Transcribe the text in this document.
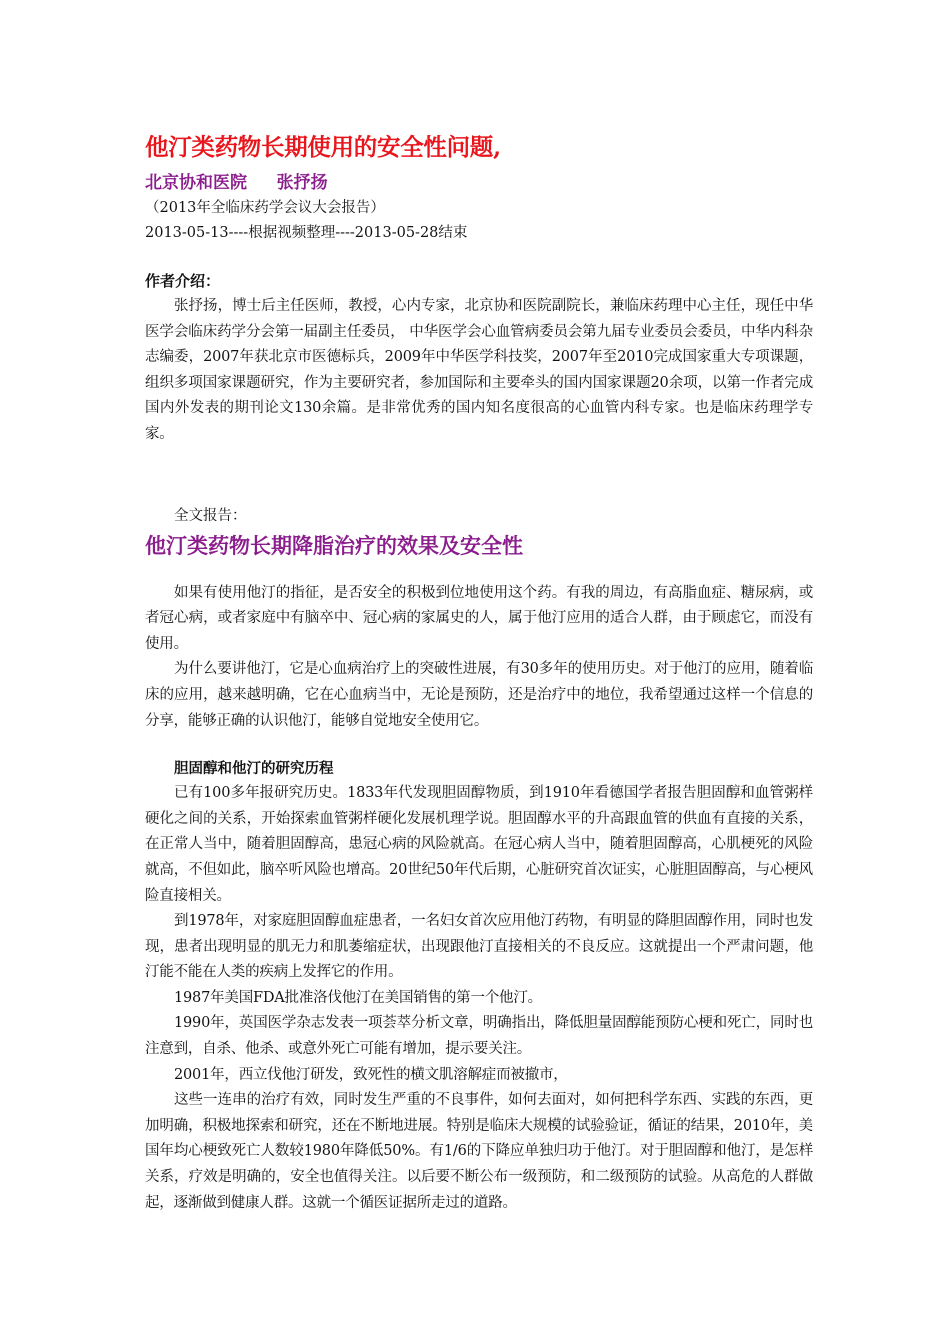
他汀类药物长期使用的安全性问题,
北京协和医院     张抒扬
（2013年全临床药学会议大会报告）
2013-05-13----根据视频整理----2013-05-28结束
作者介绍：

张抒扬，博士后主任医师，教授，心内专家，北京协和医院副院长，兼临床药理中心主任，现任中华医学会临床药学分会第一届副主任委员， 中华医学会心血管病委员会第九届专业委员会委员，中华内科杂志编委，2007年获北京市医德标兵，2009年中华医学科技奖，2007年至2010完成国家重大专项课题，组织多项国家课题研究，作为主要研究者，参加国际和主要牵头的国内国家课题20余项，以第一作者完成国内外发表的期刊论文130余篇。是非常优秀的国内知名度很高的心血管内科专家。也是临床药理学专家。

全文报告：
他汀类药物长期降脂治疗的效果及安全性

如果有使用他汀的指征，是否安全的积极到位地使用这个药。有我的周边，有高脂血症、糖尿病，或者冠心病，或者家庭中有脑卒中、冠心病的家属史的人，属于他汀应用的适合人群，由于顾虑它，而没有使用。

为什么要讲他汀，它是心血病治疗上的突破性进展，有30多年的使用历史。对于他汀的应用，随着临床的应用，越来越明确，它在心血病当中，无论是预防，还是治疗中的地位，我希望通过这样一个信息的分享，能够正确的认识他汀，能够自觉地安全使用它。

胆固醇和他汀的研究历程

已有100多年报研究历史。1833年代发现胆固醇物质，到1910年看德国学者报告胆固醇和血管粥样硬化之间的关系，开始探索血管粥样硬化发展机理学说。胆固醇水平的升高跟血管的供血有直接的关系，在正常人当中，随着胆固醇高，患冠心病的风险就高。在冠心病人当中，随着胆固醇高，心肌梗死的风险就高，不但如此，脑卒听风险也增高。20世纪50年代后期，心脏研究首次证实，心脏胆固醇高，与心梗风险直接相关。

到1978年，对家庭胆固醇血症患者，一名妇女首次应用他汀药物，有明显的降胆固醇作用，同时也发现，患者出现明显的肌无力和肌萎缩症状，出现跟他汀直接相关的不良反应。这就提出一个严肃问题，他汀能不能在人类的疾病上发挥它的作用。

1987年美国FDA批准洛伐他汀在美国销售的第一个他汀。

1990年，英国医学杂志发表一项荟萃分析文章，明确指出，降低胆量固醇能预防心梗和死亡，同时也注意到，自杀、他杀、或意外死亡可能有增加，提示要关注。

2001年，西立伐他汀研发，致死性的横文肌溶解症而被撤市，

这些一连串的治疗有效，同时发生严重的不良事件，如何去面对，如何把科学东西、实践的东西，更加明确，积极地探索和研究，还在不断地进展。特别是临床大规模的试验验证，循证的结果，2010年，美国年均心梗致死亡人数较1980年降低50%。有1/6的下降应单独归功于他汀。对于胆固醇和他汀，是怎样关系，疗效是明确的，安全也值得关注。以后要不断公布一级预防，和二级预防的试验。从高危的人群做起，逐渐做到健康人群。这就一个循医证据所走过的道路。
